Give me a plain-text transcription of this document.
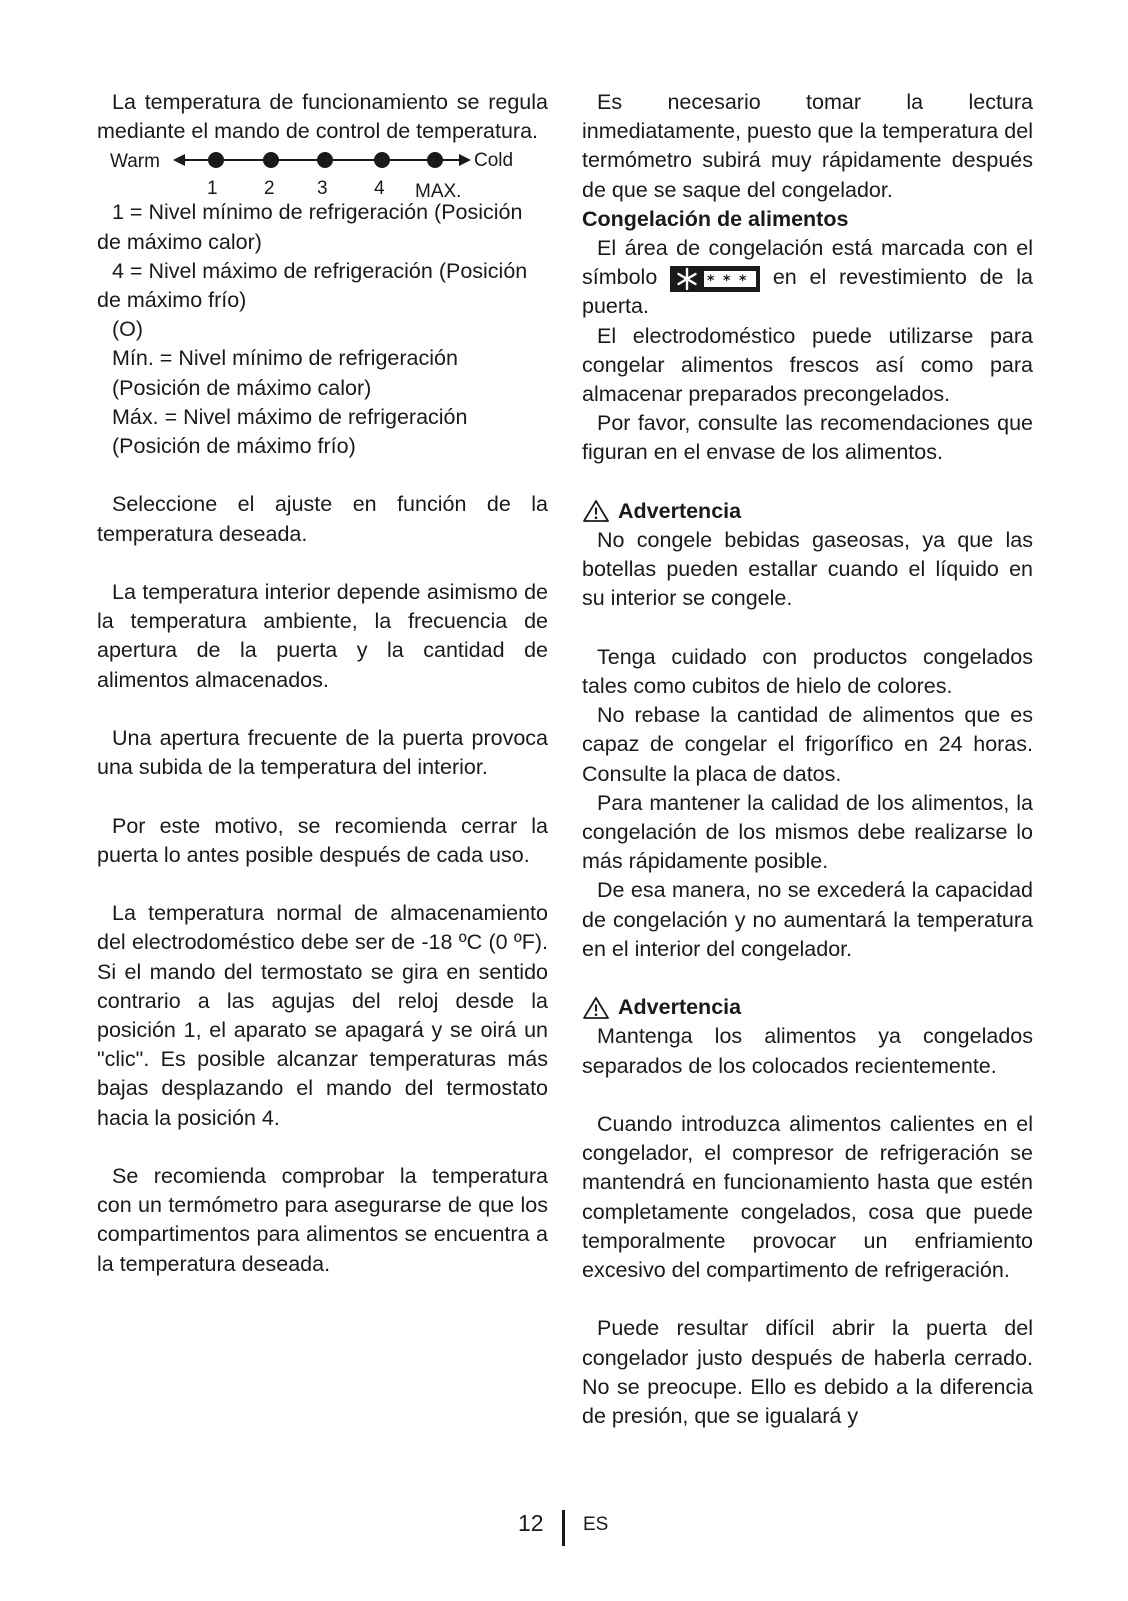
La temperatura de funcionamiento se regula mediante el mando de control de temperatura.

Warm	Cold
1 2 3 4 MAX.

1 = Nivel mínimo de refrigeración (Posición de máximo calor)

4 = Nivel máximo de refrigeración (Posición de máximo frío)

(O)

Mín. = Nivel mínimo de refrigeración (Posición de máximo calor)

Máx. = Nivel máximo de refrigeración (Posición de máximo frío)

Seleccione el ajuste en función de la temperatura deseada.

La temperatura interior depende asimismo de la temperatura ambiente, la frecuencia de apertura de la puerta y la cantidad de alimentos almacenados.

Una apertura frecuente de la puerta provoca una subida de la temperatura del interior.

Por este motivo, se recomienda cerrar la puerta lo antes posible después de cada uso.

La temperatura normal de almacenamiento del electrodoméstico debe ser de -18 ºC (0 ºF). Si el mando del termostato se gira en sentido contrario a las agujas del reloj desde la posición 1, el aparato se apagará y se oirá un "clic". Es posible alcanzar temperaturas más bajas desplazando el mando del termostato hacia la posición 4.

Se recomienda comprobar la temperatura con un termómetro para asegurarse de que los compartimentos para alimentos se encuentra a la temperatura deseada.

Es necesario tomar la lectura inmediatamente, puesto que la temperatura del termómetro subirá muy rápidamente después de que se saque del congelador.

Congelación de alimentos

El área de congelación está marcada con el símbolo	* * * en el revestimiento de la puerta.

El electrodoméstico puede utilizarse para congelar alimentos frescos así como para almacenar preparados precongelados.

Por favor, consulte las recomendaciones que figuran en el envase de los alimentos.

Advertencia

No congele bebidas gaseosas, ya que las botellas pueden estallar cuando el líquido en su interior se congele.

Tenga cuidado con productos congelados tales como cubitos de hielo de colores.

No rebase la cantidad de alimentos que es capaz de congelar el frigorífico en 24 horas. Consulte la placa de datos.

Para mantener la calidad de los alimentos, la congelación de los mismos debe realizarse lo más rápidamente posible.

De esa manera, no se excederá la capacidad de congelación y no aumentará la temperatura en el interior del congelador.

Advertencia

Mantenga los alimentos ya congelados separados de los colocados recientemente.

Cuando introduzca alimentos calientes en el congelador, el compresor de refrigeración se mantendrá en funcionamiento hasta que estén completamente congelados, cosa que puede temporalmente provocar un enfriamiento excesivo del compartimento de refrigeración.

Puede resultar difícil abrir la puerta del congelador justo después de haberla cerrado. No se preocupe. Ello es debido a la diferencia de presión, que se igualará y

12 ES
